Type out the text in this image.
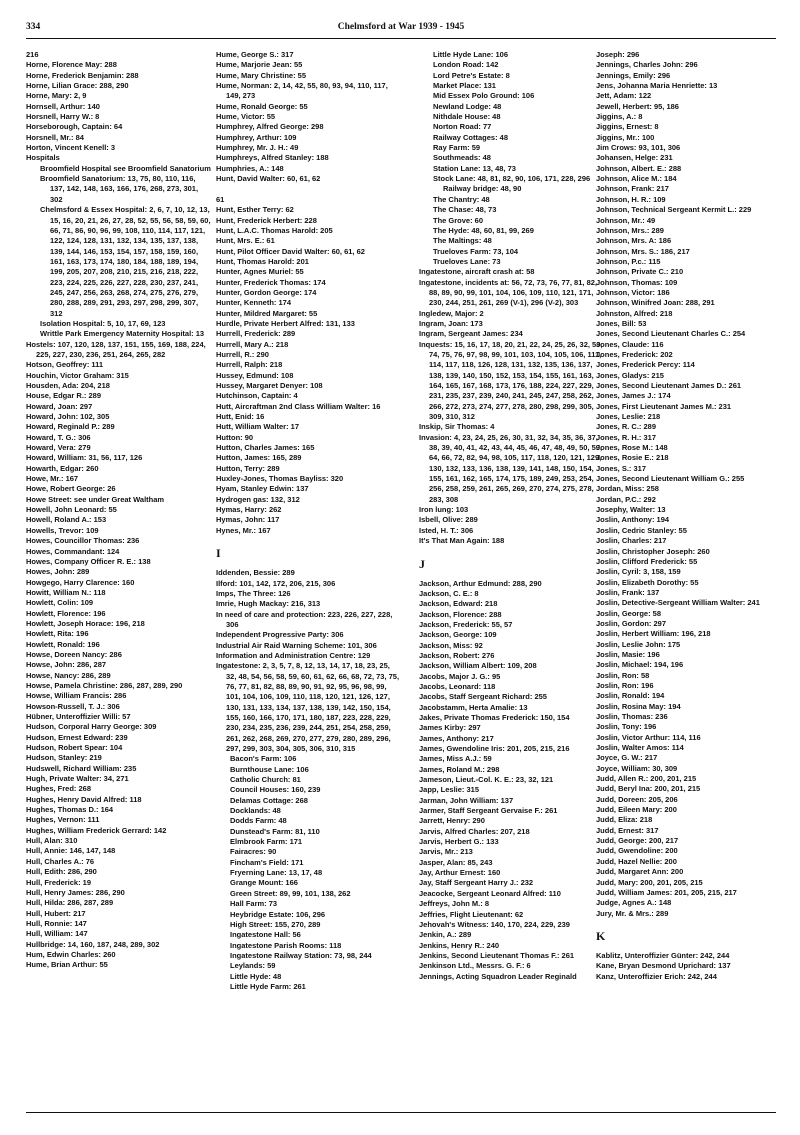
334	Chelmsford at War 1939 - 1945
216
Horne, Florence May: 288
Horne, Frederick Benjamin: 288
Horne, Lilian Grace: 288, 290
Horne, Mary: 2, 9
Hornsell, Arthur: 140
Horsnell, Harry W.: 8
Horseborough, Captain: 64
Horsnell, Mr.: 84
Horton, Vincent Kenell: 3
Hospitals
Broomfield Hospital see Broomfield Sanatorium
Broomfield Sanatorium: 13, 75, 80, 110, 116, 137, 142, 148, 163, 166, 176, 268, 273, 301, 302
Chelmsford & Essex Hospital: 2, 6, 7, 10, 12, 13, 15, 16, 20, 21, 26, 27, 28, 52, 55, 56, 58, 59, 60, 66, 71, 86, 90, 96, 99, 108, 110, 114, 117, 121, 122, 124, 128, 131, 132, 134, 135, 137, 138, 139, 144, 146, 153, 154, 157, 158, 159, 160, 161, 163, 173, 174, 180, 184, 188, 189, 194, 199, 205, 207, 208, 210, 215, 216, 218, 222, 223, 224, 225, 226, 227, 228, 230, 237, 241, 245, 247, 256, 263, 268, 274, 275, 276, 279, 280, 288, 289, 291, 293, 297, 298, 299, 307, 312
Isolation Hospital: 5, 10, 17, 69, 123
Writtle Park Emergency Maternity Hospital: 13
Hostels: 107, 120, 128, 137, 151, 155, 169, 188, 224, 225, 227, 230, 236, 251, 264, 265, 282
Hotson, Geoffrey: 111
Houchin, Victor Graham: 315
Housden, Ada: 204, 218
House, Edgar R.: 289
Howard, Joan: 297
Howard, John: 102, 305
Howard, Reginald P.: 289
Howard, T. G.: 306
Howard, Vera: 279
Howard, William: 31, 56, 117, 126
Howarth, Edgar: 260
Howe, Mr.: 167
Howe, Robert George: 26
Howe Street: see under Great Waltham
Howell, John Leonard: 55
Howell, Roland A.: 153
Howells, Trevor: 109
Howes, Councillor Thomas: 236
Howes, Commandant: 124
Howes, Company Officer R. E.: 138
Howes, John: 289
Howgego, Harry Clarence: 160
Howitt, William N.: 118
Howlett, Colin: 109
Howlett, Florence: 196
Howlett, Joseph Horace: 196, 218
Howlett, Rita: 196
Howlett, Ronald: 196
Howse, Doreen Nancy: 286
Howse, John: 286, 287
Howse, Nancy: 286, 289
Howse, Pamela Christine: 286, 287, 289, 290
Howse, William Francis: 286
Howson-Russell, T. J.: 306
Hübner, Unteroffizier Willi: 57
Hudson, Corporal Harry George: 309
Hudson, Ernest Edward: 239
Hudson, Robert Spear: 104
Hudson, Stanley: 219
Hudswell, Richard William: 235
Hugh, Private Walter: 34, 271
Hughes, Fred: 268
Hughes, Henry David Alfred: 118
Hughes, Thomas D.: 164
Hughes, Vernon: 111
Hughes, William Frederick Gerrard: 142
Hull, Alan: 310
Hull, Annie: 146, 147, 148
Hull, Charles A.: 76
Hull, Edith: 286, 290
Hull, Frederick: 19
Hull, Henry James: 286, 290
Hull, Hilda: 286, 287, 289
Hull, Hubert: 217
Hull, Ronnie: 147
Hull, William: 147
Hullbridge: 14, 160, 187, 248, 289, 302
Hum, Edwin Charles: 260
Hume, Brian Arthur: 55
Hume, George S.: 317
Hume, Marjorie Jean: 55
Hume, Mary Christine: 55
Hume, Norman: 2, 14, 42, 55, 80, 93, 94, 110, 117, 149, 273
Hume, Ronald George: 55
Hume, Victor: 55
Humphrey, Alfred George: 298
Humphrey, Arthur: 109
Humphrey, Mr. J. H.: 49
Humphreys, Alfred Stanley: 188
Humphries, A.: 148
Hunt, David Walter: 60, 61, 62
61
Hunt, Esther Terry: 62
Hunt, Frederick Herbert: 228
Hunt, L.A.C. Thomas Harold: 205
Hunt, Mrs. E.: 61
Hunt, Pilot Officer David Walter: 60, 61, 62
Hunt, Thomas Harold: 201
Hunter, Agnes Muriel: 55
Hunter, Frederick Thomas: 174
Hunter, Gordon George: 174
Hunter, Kenneth: 174
Hunter, Mildred Margaret: 55
Hurdle, Private Herbert Alfred: 131, 133
Hurrell, Frederick: 289
Hurrell, Mary A.: 218
Hurrell, R.: 290
Hurrell, Ralph: 218
Hussey, Edmund: 108
Hussey, Margaret Denyer: 108
Hutchinson, Captain: 4
Hutt, Aircraftman 2nd Class William Walter: 16
Hutt, Enid: 16
Hutt, William Walter: 17
Hutton: 90
Hutton, Charles James: 165
Hutton, James: 165, 289
Hutton, Terry: 289
Huxley-Jones, Thomas Bayliss: 320
Hyam, Stanley Edwin: 137
Hydrogen gas: 132, 312
Hymas, Harry: 262
Hymas, John: 117
Hynes, Mr.: 167
I
Iddenden, Bessie: 289
Ilford: 101, 142, 172, 206, 215, 306
Imps, The Three: 126
Imrie, Hugh Mackay: 216, 313
In need of care and protection: 223, 226, 227, 228, 306
Independent Progressive Party: 306
Industrial Air Raid Warning Scheme: 101, 306
Information and Administration Centre: 129
Ingatestone: 2, 3, 5, 7, 8, 12, 13, 14, 17, 18, 23, 25, 32, 48, 54, 56, 58, 59, 60, 61, 62, 66, 68, 72, 73, 75, 76, 77, 81, 82, 88, 89, 90, 91, 92, 95, 96, 98, 99, 101, 104, 106, 109, 110, 118, 120, 121, 126, 127, 130, 131, 133, 134, 137, 138, 139, 142, 150, 154, 155, 160, 166, 170, 171, 180, 187, 223, 228, 229, 230, 234, 235, 236, 239, 244, 251, 254, 258, 259, 261, 262, 268, 269, 270, 277, 279, 280, 289, 296, 297, 299, 303, 304, 305, 306, 310, 315
Bacon's Farm: 106
Burnthouse Lane: 106
Catholic Church: 81
Council Houses: 160, 239
Delamas Cottage: 268
Docklands: 48
Dodds Farm: 48
Dunstead's Farm: 81, 110
Elmbrook Farm: 171
Fairacres: 90
Fincham's Field: 171
Fryerning Lane: 13, 17, 48
Grange Mount: 166
Green Street: 89, 99, 101, 138, 262
Hall Farm: 73
Heybridge Estate: 106, 296
High Street: 155, 270, 289
Ingatestone Hall: 56
Ingatestone Parish Rooms: 118
Ingatestone Railway Station: 73, 98, 244
Leylands: 59
Little Hyde: 48
Little Hyde Farm: 261
Little Hyde Lane: 106
London Road: 142
Lord Petre's Estate: 8
Market Place: 131
Mid Essex Polo Ground: 106
Newland Lodge: 48
Nithdale House: 48
Norton Road: 77
Railway Cottages: 48
Ray Farm: 59
Southmeads: 48
Station Lane: 13, 48, 73
Stock Lane: 48, 81, 82, 90, 106, 171, 228, 296
Railway bridge: 48, 90
The Chantry: 48
The Chase: 48, 73
The Grove: 60
The Hyde: 48, 60, 81, 99, 269
The Maltings: 48
Trueloves Farm: 73, 104
Trueloves Lane: 73
Ingatestone, aircraft crash at: 58
Ingatestone, incidents at: 56, 72, 73, 76, 77, 81, 82, 88, 89, 90, 99, 101, 104, 106, 109, 110, 121, 171, 230, 244, 251, 261, 269 (V-1), 296 (V-2), 303
Ingledew, Major: 2
Ingram, Joan: 173
Ingram, Sergeant James: 234
Inquests: 15, 16, 17, 18, 20, 21, 22, 24, 25, 26, 32, 59, 74, 75, 76, 97, 98, 99, 101, 103, 104, 105, 106, 111, 114, 117, 118, 126, 128, 131, 132, 135, 136, 137, 138, 139, 140, 150, 152, 153, 154, 155, 161, 163, 164, 165, 167, 168, 173, 176, 188, 224, 227, 229, 231, 235, 237, 239, 240, 241, 245, 247, 258, 262, 266, 272, 273, 274, 277, 278, 280, 298, 299, 305, 309, 310, 312
Inskip, Sir Thomas: 4
Invasion: 4, 23, 24, 25, 26, 30, 31, 32, 34, 35, 36, 37, 38, 39, 40, 41, 42, 43, 44, 45, 46, 47, 48, 49, 50, 59, 64, 66, 72, 82, 94, 98, 105, 117, 118, 120, 121, 129, 130, 132, 133, 136, 138, 139, 141, 148, 150, 154, 155, 161, 162, 165, 174, 175, 189, 249, 253, 254, 256, 258, 259, 261, 265, 269, 270, 274, 275, 278, 283, 308
Iron lung: 103
Isbell, Olive: 289
Isted, H. T.: 306
It's That Man Again: 188
J
Jackson, Arthur Edmund: 288, 290
Jackson, C. E.: 8
Jackson, Edward: 218
Jackson, Florence: 288
Jackson, Frederick: 55, 57
Jackson, George: 109
Jackson, Miss: 92
Jackson, Robert: 276
Jackson, William Albert: 109, 208
Jacobs, Major J. G.: 95
Jacobs, Leonard: 118
Jacobs, Staff Sergeant Richard: 255
Jacobstamm, Herta Amalie: 13
Jakes, Private Thomas Frederick: 150, 154
James Kirby: 297
James, Anthony: 217
James, Gwendoline Iris: 201, 205, 215, 216
James, Miss A.J.: 59
James, Roland M.: 298
Jameson, Lieut.-Col. K. E.: 23, 32, 121
Japp, Leslie: 315
Jarman, John William: 137
Jarmer, Staff Sergeant Gervaise F.: 261
Jarrett, Henry: 290
Jarvis, Alfred Charles: 207, 218
Jarvis, Herbert G.: 133
Jarvis, Mr.: 213
Jasper, Alan: 85, 243
Jay, Arthur Ernest: 160
Jay, Staff Sergeant Harry J.: 232
Jeacocke, Sergeant Leonard Alfred: 110
Jeffreys, John M.: 8
Jeffries, Flight Lieutenant: 62
Jehovah's Witness: 140, 170, 224, 229, 239
Jenkin, A.: 289
Jenkins, Henry R.: 240
Jenkins, Second Lieutenant Thomas F.: 261
Jenkinson Ltd., Messrs. G. F.: 6
Jennings, Acting Squadron Leader Reginald
Joseph: 296
Jennings, Charles John: 296
Jennings, Emily: 296
Jens, Johanna Maria Henriette: 13
Jett, Adam: 122
Jewell, Herbert: 95, 186
Jiggins, A.: 8
Jiggins, Ernest: 8
Jiggins, Mr.: 100
Jim Crows: 93, 101, 306
Johansen, Helge: 231
Johnson, Albert. E.: 288
Johnson, Alice M.: 184
Johnson, Frank: 217
Johnson, H. R.: 109
Johnson, Technical Sergeant Kermit L.: 229
Johnson, Mr.: 49
Johnson, Mrs.: 289
Johnson, Mrs. A: 186
Johnson, Mrs. S.: 186, 217
Johnson, P.c.: 115
Johnson, Private C.: 210
Johnson, Thomas: 109
Johnson, Victor: 186
Johnson, Winifred Joan: 288, 291
Johnston, Alfred: 218
Jones, Bill: 53
Jones, Second Lieutenant Charles C.: 254
Jones, Claude: 116
Jones, Frederick: 202
Jones, Frederick Percy: 114
Jones, Gladys: 215
Jones, Second Lieutenant James D.: 261
Jones, James J.: 174
Jones, First Lieutenant James M.: 231
Jones, Leslie: 218
Jones, R. C.: 289
Jones, R. H.: 317
Jones, Rose M.: 148
Jones, Rosie E.: 218
Jones, S.: 317
Jones, Second Lieutenant William G.: 255
Jordan, Miss: 258
Jordan, P.C.: 292
Josephy, Walter: 13
Joslin, Anthony: 194
Joslin, Cedric Stanley: 55
Joslin, Charles: 217
Joslin, Christopher Joseph: 260
Joslin, Clifford Frederick: 55
Joslin, Cyril: 3, 158, 159
Joslin, Elizabeth Dorothy: 55
Joslin, Frank: 137
Joslin, Detective-Sergeant William Walter: 241
Joslin, George: 58
Joslin, Gordon: 297
Joslin, Herbert William: 196, 218
Joslin, Leslie John: 175
Joslin, Masie: 196
Joslin, Michael: 194, 196
Joslin, Ron: 58
Joslin, Ron: 196
Joslin, Ronald: 194
Joslin, Rosina May: 194
Joslin, Thomas: 236
Joslin, Tony: 196
Joslin, Victor Arthur: 114, 116
Joslin, Walter Amos: 114
Joyce, G. W.: 217
Joyce, William: 30, 309
Judd, Allen R.: 200, 201, 215
Judd, Beryl Ina: 200, 201, 215
Judd, Doreen: 205, 206
Judd, Eileen Mary: 200
Judd, Eliza: 218
Judd, Ernest: 317
Judd, George: 200, 217
Judd, Gwendoline: 200
Judd, Hazel Nellie: 200
Judd, Margaret Ann: 200
Judd, Mary: 200, 201, 205, 215
Judd, William James: 201, 205, 215, 217
Judge, Agnes A.: 148
Jury, Mr. & Mrs.: 289
K
Kablitz, Unteroffizier Günter: 242, 244
Kane, Bryan Desmond Uprichard: 137
Kanz, Unteroffizier Erich: 242, 244
